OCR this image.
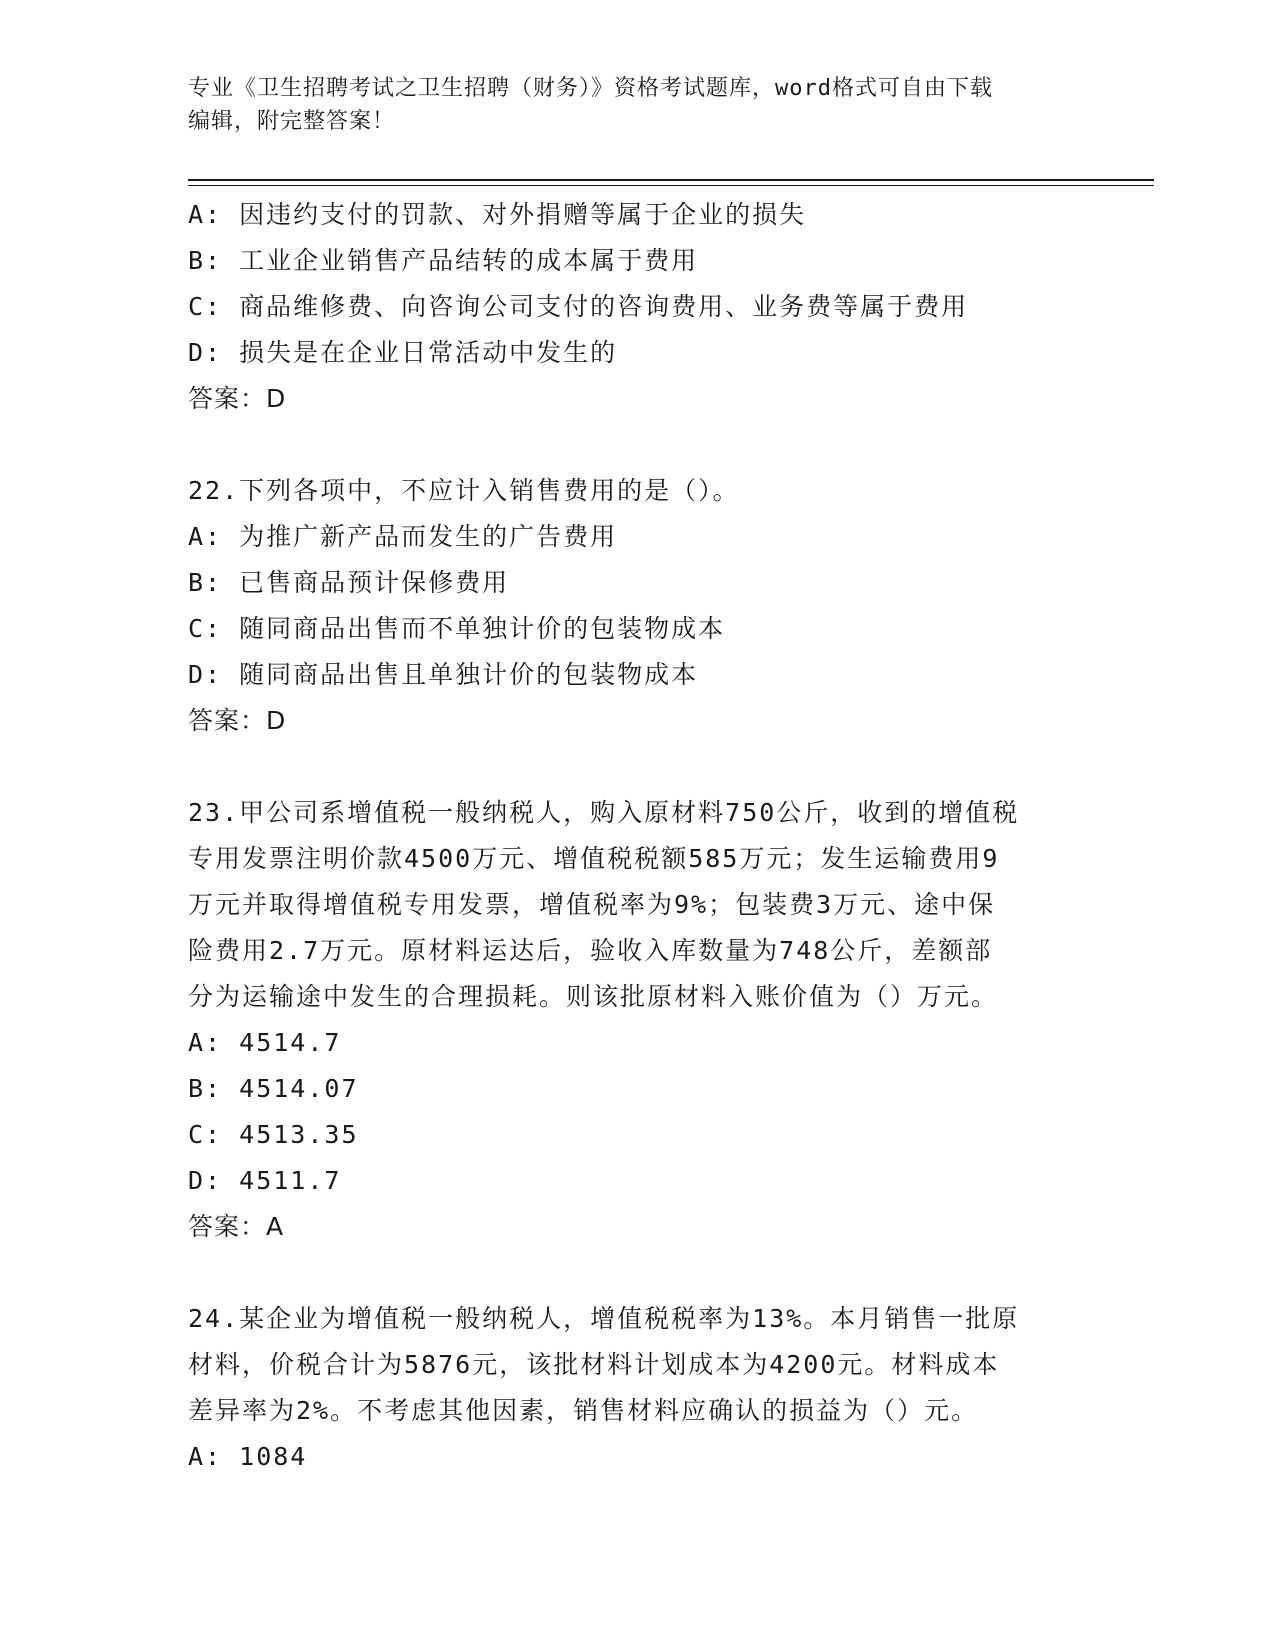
专业《卫生招聘考试之卫生招聘（财务）》资格考试题库，word格式可自由下载
编辑，附完整答案！
A: 因违约支付的罚款、对外捐赠等属于企业的损失
B: 工业企业销售产品结转的成本属于费用
C: 商品维修费、向咨询公司支付的咨询费用、业务费等属于费用
D: 损失是在企业日常活动中发生的
答案：D
22.下列各项中，不应计入销售费用的是（）。
A: 为推广新产品而发生的广告费用
B: 已售商品预计保修费用
C: 随同商品出售而不单独计价的包装物成本
D: 随同商品出售且单独计价的包装物成本
答案：D
23.甲公司系增值税一般纳税人，购入原材料750公斤，收到的增值税
专用发票注明价款4500万元、增值税税额585万元；发生运输费用9
万元并取得增值税专用发票，增值税率为9%；包装费3万元、途中保
险费用2.7万元。原材料运达后，验收入库数量为748公斤，差额部
分为运输途中发生的合理损耗。则该批原材料入账价值为（）万元。
A: 4514.7
B: 4514.07
C: 4513.35
D: 4511.7
答案：A
24.某企业为增值税一般纳税人，增值税税率为13%。本月销售一批原
材料，价税合计为5876元，该批材料计划成本为4200元。材料成本
差异率为2%。不考虑其他因素，销售材料应确认的损益为（）元。
A: 1084
